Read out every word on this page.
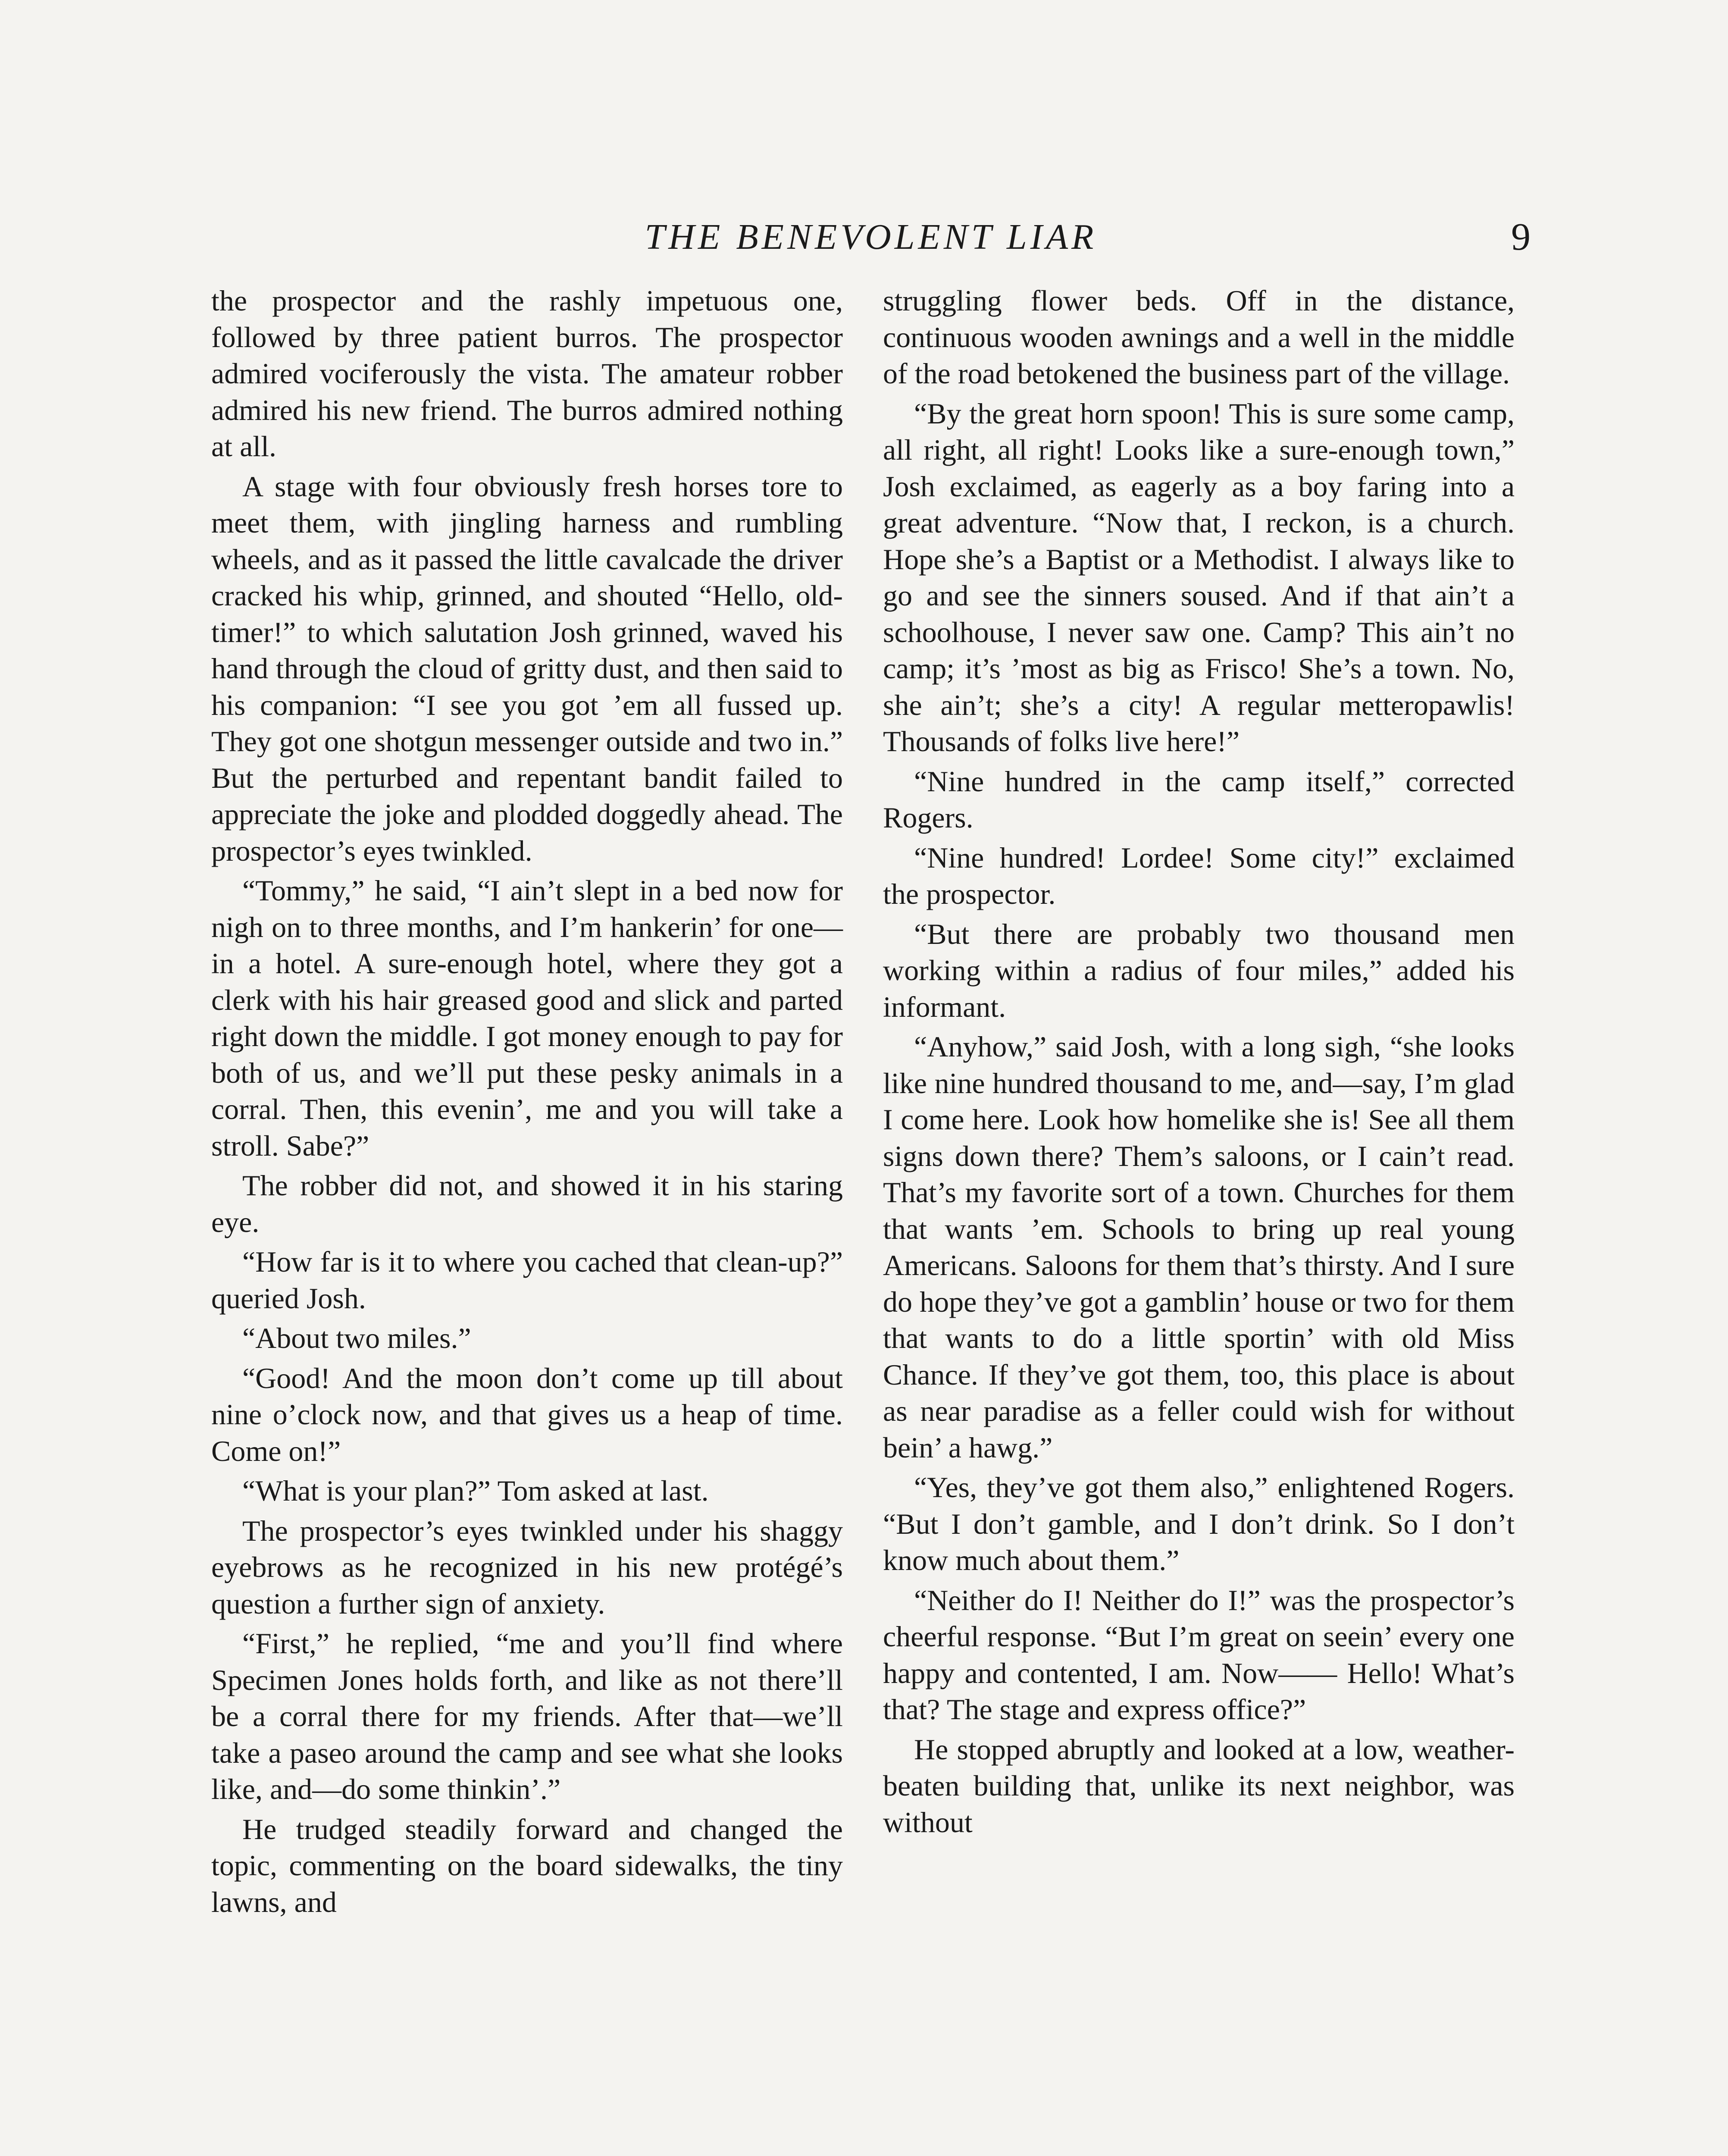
THE BENEVOLENT LIAR	9

the prospector and the rashly impetuous one, followed by three patient burros. The prospector admired vociferously the vista. The amateur robber admired his new friend. The burros admired nothing at all.

A stage with four obviously fresh horses tore to meet them, with jingling harness and rumbling wheels, and as it passed the little cavalcade the driver cracked his whip, grinned, and shouted “Hello, old-timer!” to which salutation Josh grinned, waved his hand through the cloud of gritty dust, and then said to his companion: “I see you got ’em all fussed up. They got one shotgun messenger outside and two in.” But the perturbed and repentant bandit failed to appreciate the joke and plodded doggedly ahead. The prospector’s eyes twinkled.

“Tommy,” he said, “I ain’t slept in a bed now for nigh on to three months, and I’m hankerin’ for one—in a hotel. A sure-enough hotel, where they got a clerk with his hair greased good and slick and parted right down the middle. I got money enough to pay for both of us, and we’ll put these pesky animals in a corral. Then, this evenin’, me and you will take a stroll. Sabe?”

The robber did not, and showed it in his staring eye.

“How far is it to where you cached that clean-up?” queried Josh.

“About two miles.”

“Good! And the moon don’t come up till about nine o’clock now, and that gives us a heap of time. Come on!”

“What is your plan?” Tom asked at last.

The prospector’s eyes twinkled under his shaggy eyebrows as he recognized in his new protégé’s question a further sign of anxiety.

“First,” he replied, “me and you’ll find where Specimen Jones holds forth, and like as not there’ll be a corral there for my friends. After that—we’ll take a paseo around the camp and see what she looks like, and—do some thinkin’.”

He trudged steadily forward and changed the topic, commenting on the board sidewalks, the tiny lawns, and

struggling flower beds. Off in the distance, continuous wooden awnings and a well in the middle of the road betokened the business part of the village.

“By the great horn spoon! This is sure some camp, all right, all right! Looks like a sure-enough town,” Josh exclaimed, as eagerly as a boy faring into a great adventure. “Now that, I reckon, is a church. Hope she’s a Baptist or a Methodist. I always like to go and see the sinners soused. And if that ain’t a schoolhouse, I never saw one. Camp? This ain’t no camp; it’s ’most as big as Frisco! She’s a town. No, she ain’t; she’s a city! A regular metteropawlis! Thousands of folks live here!”

“Nine hundred in the camp itself,” corrected Rogers.

“Nine hundred! Lordee! Some city!” exclaimed the prospector.

“But there are probably two thousand men working within a radius of four miles,” added his informant.

“Anyhow,” said Josh, with a long sigh, “she looks like nine hundred thousand to me, and—say, I’m glad I come here. Look how homelike she is! See all them signs down there? Them’s saloons, or I cain’t read. That’s my favorite sort of a town. Churches for them that wants ’em. Schools to bring up real young Americans. Saloons for them that’s thirsty. And I sure do hope they’ve got a gamblin’ house or two for them that wants to do a little sportin’ with old Miss Chance. If they’ve got them, too, this place is about as near paradise as a feller could wish for without bein’ a hawg.”

“Yes, they’ve got them also,” enlightened Rogers. “But I don’t gamble, and I don’t drink. So I don’t know much about them.”

“Neither do I! Neither do I!” was the prospector’s cheerful response. “But I’m great on seein’ every one happy and contented, I am. Now—— Hello! What’s that? The stage and express office?”

He stopped abruptly and looked at a low, weather-beaten building that, unlike its next neighbor, was without
